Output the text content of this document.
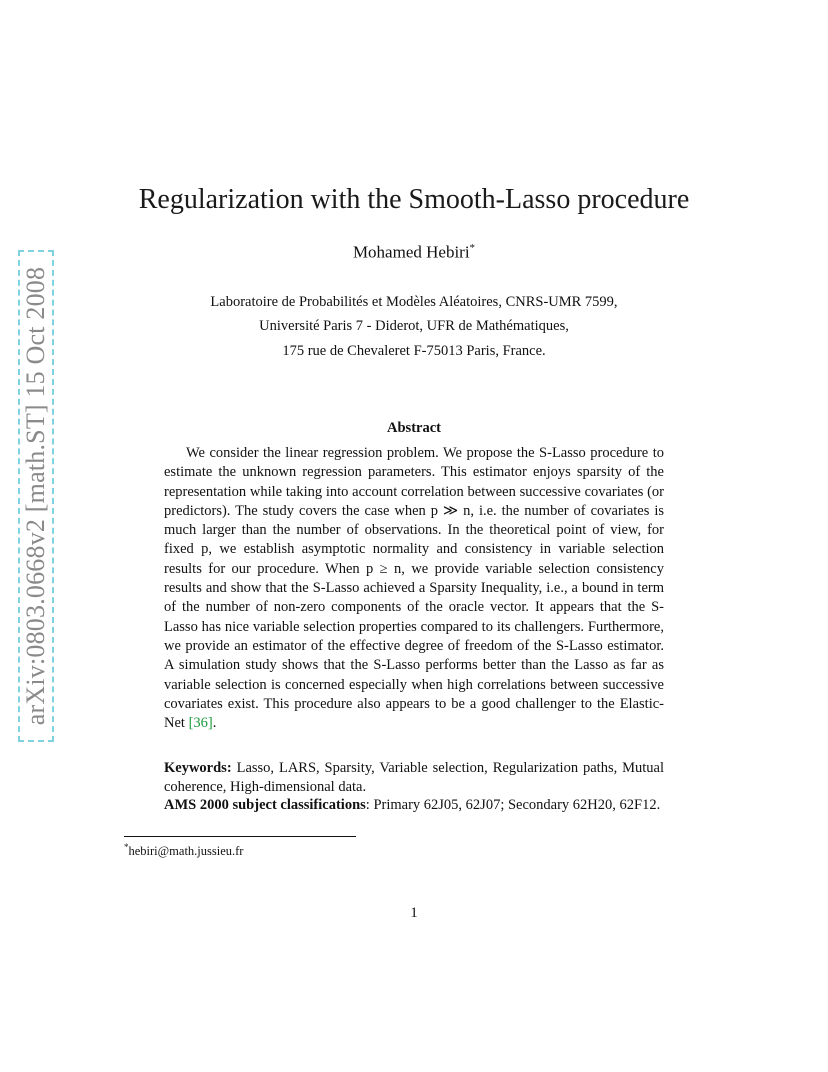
arXiv:0803.0668v2 [math.ST] 15 Oct 2008
Regularization with the Smooth-Lasso procedure
Mohamed Hebiri*
Laboratoire de Probabilités et Modèles Aléatoires, CNRS-UMR 7599,
Université Paris 7 - Diderot, UFR de Mathématiques,
175 rue de Chevaleret F-75013 Paris, France.
Abstract
We consider the linear regression problem. We propose the S-Lasso procedure to estimate the unknown regression parameters. This estimator enjoys sparsity of the representation while taking into account correlation between successive covariates (or predictors). The study covers the case when p ≫ n, i.e. the number of covariates is much larger than the number of observations. In the theoretical point of view, for fixed p, we establish asymptotic normality and consistency in variable selection results for our procedure. When p ≥ n, we provide variable selection consistency results and show that the S-Lasso achieved a Sparsity Inequality, i.e., a bound in term of the number of non-zero components of the oracle vector. It appears that the S-Lasso has nice variable selection properties compared to its challengers. Furthermore, we provide an estimator of the effective degree of freedom of the S-Lasso estimator. A simulation study shows that the S-Lasso performs better than the Lasso as far as variable selection is concerned especially when high correlations between successive covariates exist. This procedure also appears to be a good challenger to the Elastic-Net [36].
Keywords: Lasso, LARS, Sparsity, Variable selection, Regularization paths, Mutual coherence, High-dimensional data.
AMS 2000 subject classifications: Primary 62J05, 62J07; Secondary 62H20, 62F12.
*hebiri@math.jussieu.fr
1
